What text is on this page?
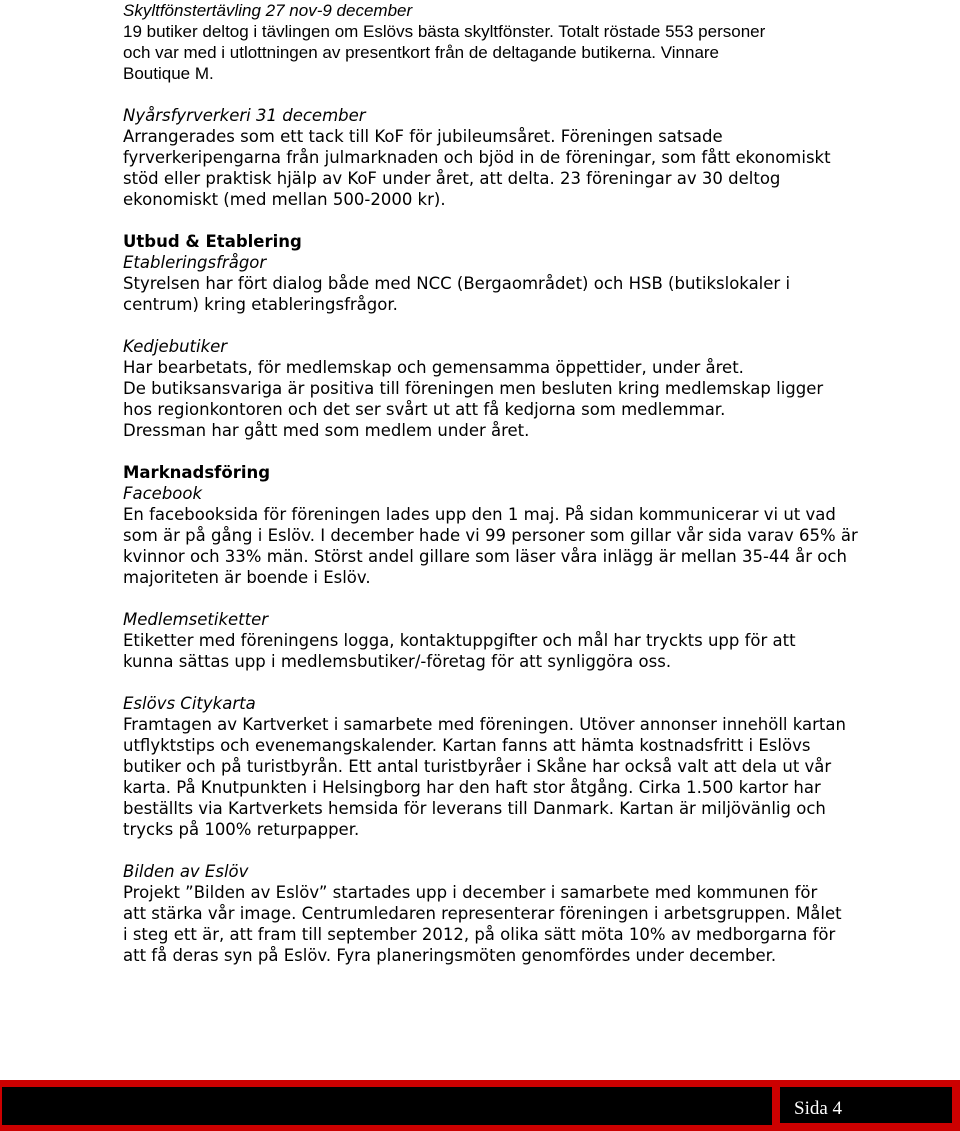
Skyltfönstertävling 27 nov-9 december
19 butiker deltog i tävlingen om Eslövs bästa skyltfönster. Totalt röstade 553 personer
och var med i utlottningen av presentkort från de deltagande butikerna. Vinnare
Boutique M.
Nyårsfyrverkeri 31 december
Arrangerades som ett tack till KoF för jubileumsåret. Föreningen satsade
fyrverkeripengarna från julmarknaden och bjöd in de föreningar, som fått ekonomiskt
stöd eller praktisk hjälp av KoF under året, att delta. 23 föreningar av 30 deltog
ekonomiskt (med mellan 500-2000 kr).
Utbud & Etablering
Etableringsfrågor
Styrelsen har fört dialog både med NCC (Bergaområdet) och HSB (butikslokaler i
centrum) kring etableringsfrågor.
Kedjebutiker
Har bearbetats, för medlemskap och gemensamma öppettider, under året.
De butiksansvariga är positiva till föreningen men besluten kring medlemskap ligger
hos regionkontoren och det ser svårt ut att få kedjorna som medlemmar.
Dressman har gått med som medlem under året.
Marknadsföring
Facebook
En facebooksida för föreningen lades upp den 1 maj. På sidan kommunicerar vi ut vad
som är på gång i Eslöv. I december hade vi 99 personer som gillar vår sida varav 65% är
kvinnor och 33% män. Störst andel gillare som läser våra inlägg är mellan 35-44 år och
majoriteten är boende i Eslöv.
Medlemsetiketter
Etiketter med föreningens logga, kontaktuppgifter och mål har tryckts upp för att
kunna sättas upp i medlemsbutiker/-företag för att synliggöra oss.
Eslövs Citykarta
Framtagen av Kartverket i samarbete med föreningen. Utöver annonser innehöll kartan
utflyktstips och evenemangskalender. Kartan fanns att hämta kostnadsfritt i Eslövs
butiker och på turistbyrån. Ett antal turistbyråer i Skåne har också valt att dela ut vår
karta. På Knutpunkten i Helsingborg har den haft stor åtgång. Cirka 1.500 kartor har
beställts via Kartverkets hemsida för leverans till Danmark. Kartan är miljövänlig och
trycks på 100% returpapper.
Bilden av Eslöv
Projekt ”Bilden av Eslöv” startades upp i december i samarbete med kommunen för
att stärka vår image. Centrumledaren representerar föreningen i arbetsgruppen. Målet
i steg ett är, att fram till september 2012, på olika sätt möta 10% av medborgarna för
att få deras syn på Eslöv. Fyra planeringsmöten genomfördes under december.
Sida 4
